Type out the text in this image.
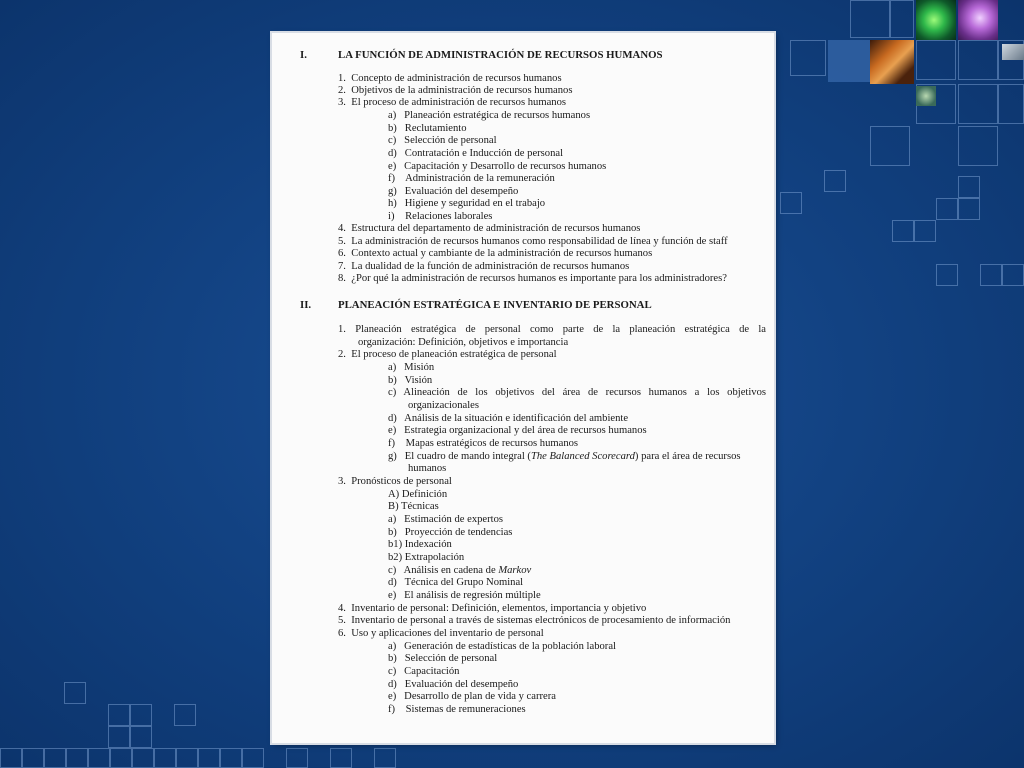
I.	LA FUNCIÓN DE ADMINISTRACIÓN DE RECURSOS HUMANOS
1.  Concepto de administración de recursos humanos
2.  Objetivos de la administración de recursos humanos
3.  El proceso de administración de recursos humanos
a)   Planeación estratégica de recursos humanos
b)   Reclutamiento
c)   Selección de personal
d)   Contratación e Inducción de personal
e)   Capacitación y Desarrollo de recursos humanos
f)    Administración de la remuneración
g)   Evaluación del desempeño
h)   Higiene y seguridad en el trabajo
i)    Relaciones laborales
4.  Estructura del departamento de administración de recursos humanos
5.  La administración de recursos humanos como responsabilidad de línea y función de staff
6.  Contexto actual y cambiante de la administración de recursos humanos
7.  La dualidad de la función de administración de recursos humanos
8.  ¿Por qué la administración de recursos humanos es importante para los administradores?
II. PLANEACIÓN ESTRATÉGICA E INVENTARIO DE PERSONAL
1. Planeación estratégica de personal como parte de la planeación estratégica de la
organización: Definición, objetivos e importancia
2.  El proceso de planeación estratégica de personal
a)   Misión
b)   Visión
c) Alineación de los objetivos del área de recursos humanos a los objetivos
organizacionales
d)   Análisis de la situación e identificación del ambiente
e)   Estrategia organizacional y del área de recursos humanos
f)    Mapas estratégicos de recursos humanos
g)   El cuadro de mando integral (The Balanced Scorecard) para el área de recursos
humanos
3.  Pronósticos de personal
A) Definición
B) Técnicas
a)   Estimación de expertos
b)   Proyección de tendencias
b1) Indexación
b2) Extrapolación
c)   Análisis en cadena de Markov
d)   Técnica del Grupo Nominal
e)   El análisis de regresión múltiple
4.  Inventario de personal: Definición, elementos, importancia y objetivo
5.  Inventario de personal a través de sistemas electrónicos de procesamiento de información
6.  Uso y aplicaciones del inventario de personal
a)   Generación de estadísticas de la población laboral
b)   Selección de personal
c)   Capacitación
d)   Evaluación del desempeño
e)   Desarrollo de plan de vida y carrera
f)    Sistemas de remuneraciones
